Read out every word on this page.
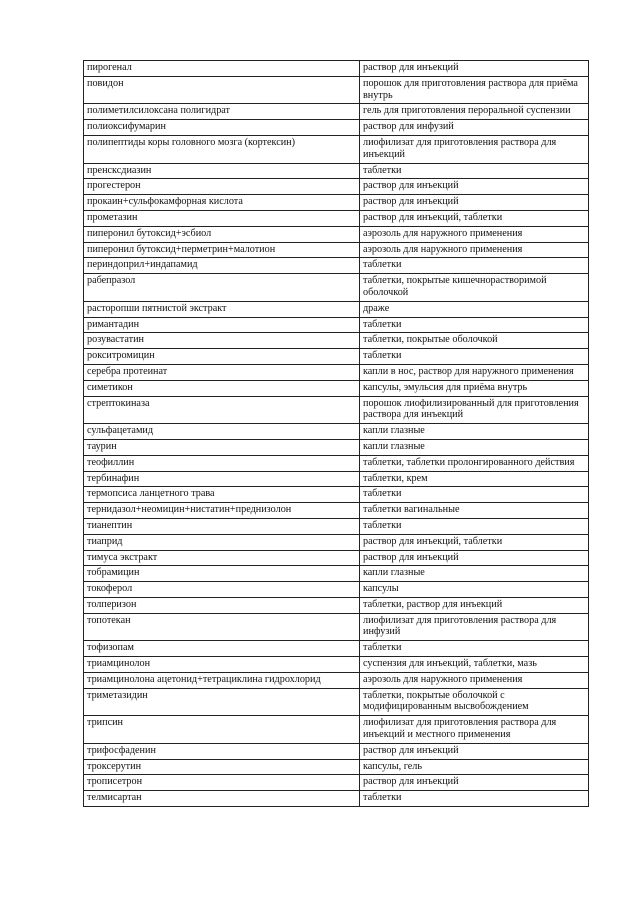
пирогенал	раствор для инъекций
повидон	порошок для приготовления раствора для приёма внутрь
полиметилсилоксана полигидрат	гель для приготовления пероральной суспензии
полиоксифумарин	раствор для инфузий
полипептиды коры головного мозга (кортексин)	лиофилизат для приготовления раствора для инъекций
пренсксдиазин	таблетки
прогестерон	раствор для инъекций
прокаин+сульфокамфорная кислота	раствор для инъекций
прометазин	раствор для инъекций, таблетки
пиперонил бутоксид+эсбиол	аэрозоль для наружного применения
пиперонил бутоксид+перметрин+малотион	аэрозоль для наружного применения
периндоприл+индапамид	таблетки
рабепразол	таблетки, покрытые кишечнорастворимой оболочкой
расторопши пятнистой экстракт	драже
римантадин	таблетки
розувастатин	таблетки, покрытые оболочкой
рокситромицин	таблетки
серебра протеинат	капли в нос, раствор для наружного применения
симетикон	капсулы, эмульсия для приёма внутрь
стрептокиназа	порошок лиофилизированный для приготовления раствора для инъекций
сульфацетамид	капли глазные
таурин	капли глазные
теофиллин	таблетки, таблетки пролонгированного действия
тербинафин	таблетки, крем
термопсиса ланцетного трава	таблетки
тернидазол+неомицин+нистатин+преднизолон	таблетки вагинальные
тианептин	таблетки
тиаприд	раствор для инъекций, таблетки
тимуса экстракт	раствор для инъекций
тобрамицин	капли глазные
токоферол	капсулы
толперизон	таблетки, раствор для инъекций
топотекан	лиофилизат для приготовления раствора для инфузий
тофизопам	таблетки
триамцинолон	суспензия для инъекций, таблетки, мазь
триамцинолона ацетонид+тетрациклина гидрохлорид	аэрозоль для наружного применения
триметазидин	таблетки, покрытые оболочкой с модифицированным высвобождением
трипсин	лиофилизат для приготовления раствора для инъекций и местного применения
трифосфаденин	раствор для инъекций
троксерутин	капсулы, гель
трописетрон	раствор для инъекций
телмисартан	таблетки
